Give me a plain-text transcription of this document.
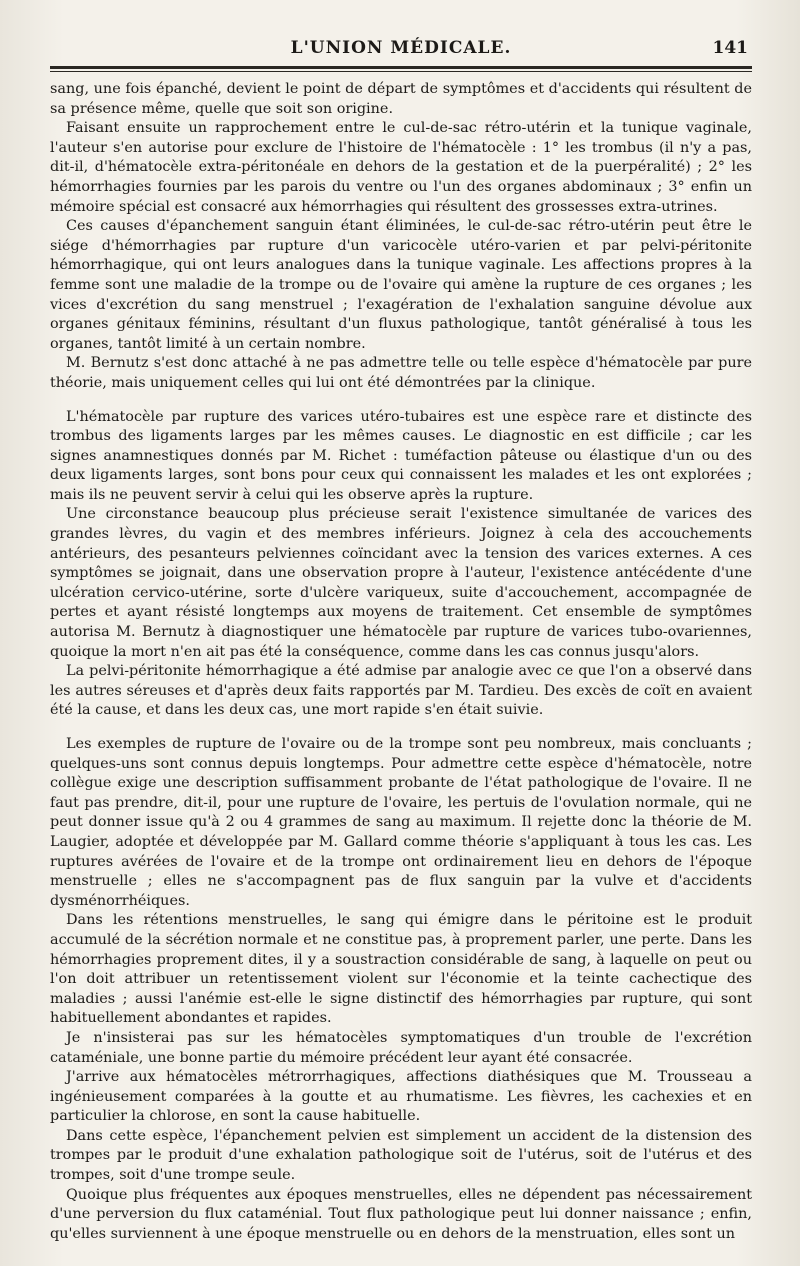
L'UNION MÉDICALE.	141

sang, une fois épanché, devient le point de départ de symptômes et d'accidents qui résultent de sa présence même, quelle que soit son origine.

Faisant ensuite un rapprochement entre le cul-de-sac rétro-utérin et la tunique vaginale, l'auteur s'en autorise pour exclure de l'histoire de l'hématocèle : 1° les trombus (il n'y a pas, dit-il, d'hématocèle extra-péritonéale en dehors de la gestation et de la puerpéralité) ; 2° les hémorrhagies fournies par les parois du ventre ou l'un des organes abdominaux ; 3° enfin un mémoire spécial est consacré aux hémorrhagies qui résultent des grossesses extra-utrines.

Ces causes d'épanchement sanguin étant éliminées, le cul-de-sac rétro-utérin peut être le siége d'hémorrhagies par rupture d'un varicocèle utéro-varien et par pelvi-péritonite hémorrhagique, qui ont leurs analogues dans la tunique vaginale. Les affections propres à la femme sont une maladie de la trompe ou de l'ovaire qui amène la rupture de ces organes ; les vices d'excrétion du sang menstruel ; l'exagération de l'exhalation sanguine dévolue aux organes génitaux féminins, résultant d'un fluxus pathologique, tantôt généralisé à tous les organes, tantôt limité à un certain nombre.

M. Bernutz s'est donc attaché à ne pas admettre telle ou telle espèce d'hématocèle par pure théorie, mais uniquement celles qui lui ont été démontrées par la clinique.

L'hématocèle par rupture des varices utéro-tubaires est une espèce rare et distincte des trombus des ligaments larges par les mêmes causes. Le diagnostic en est difficile ; car les signes anamnestiques donnés par M. Richet : tuméfaction pâteuse ou élastique d'un ou des deux ligaments larges, sont bons pour ceux qui connaissent les malades et les ont explorées ; mais ils ne peuvent servir à celui qui les observe après la rupture.

Une circonstance beaucoup plus précieuse serait l'existence simultanée de varices des grandes lèvres, du vagin et des membres inférieurs. Joignez à cela des accouchements antérieurs, des pesanteurs pelviennes coïncidant avec la tension des varices externes. A ces symptômes se joignait, dans une observation propre à l'auteur, l'existence antécédente d'une ulcération cervico-utérine, sorte d'ulcère variqueux, suite d'accouchement, accompagnée de pertes et ayant résisté longtemps aux moyens de traitement. Cet ensemble de symptômes autorisa M. Bernutz à diagnostiquer une hématocèle par rupture de varices tubo-ovariennes, quoique la mort n'en ait pas été la conséquence, comme dans les cas connus jusqu'alors.

La pelvi-péritonite hémorrhagique a été admise par analogie avec ce que l'on a observé dans les autres séreuses et d'après deux faits rapportés par M. Tardieu. Des excès de coït en avaient été la cause, et dans les deux cas, une mort rapide s'en était suivie.

Les exemples de rupture de l'ovaire ou de la trompe sont peu nombreux, mais concluants ; quelques-uns sont connus depuis longtemps. Pour admettre cette espèce d'hématocèle, notre collègue exige une description suffisamment probante de l'état pathologique de l'ovaire. Il ne faut pas prendre, dit-il, pour une rupture de l'ovaire, les pertuis de l'ovulation normale, qui ne peut donner issue qu'à 2 ou 4 grammes de sang au maximum. Il rejette donc la théorie de M. Laugier, adoptée et développée par M. Gallard comme théorie s'appliquant à tous les cas. Les ruptures avérées de l'ovaire et de la trompe ont ordinairement lieu en dehors de l'époque menstruelle ; elles ne s'accompagnent pas de flux sanguin par la vulve et d'accidents dysménorrhéiques.

Dans les rétentions menstruelles, le sang qui émigre dans le péritoine est le produit accumulé de la sécrétion normale et ne constitue pas, à proprement parler, une perte. Dans les hémorrhagies proprement dites, il y a soustraction considérable de sang, à laquelle on peut ou l'on doit attribuer un retentissement violent sur l'économie et la teinte cachectique des maladies ; aussi l'anémie est-elle le signe distinctif des hémorrhagies par rupture, qui sont habituellement abondantes et rapides.

Je n'insisterai pas sur les hématocèles symptomatiques d'un trouble de l'excrétion cataméniale, une bonne partie du mémoire précédent leur ayant été consacrée.

J'arrive aux hématocèles métrorrhagiques, affections diathésiques que M. Trousseau a ingénieusement comparées à la goutte et au rhumatisme. Les fièvres, les cachexies et en particulier la chlorose, en sont la cause habituelle.

Dans cette espèce, l'épanchement pelvien est simplement un accident de la distension des trompes par le produit d'une exhalation pathologique soit de l'utérus, soit de l'utérus et des trompes, soit d'une trompe seule.

Quoique plus fréquentes aux époques menstruelles, elles ne dépendent pas nécessairement d'une perversion du flux cataménial. Tout flux pathologique peut lui donner naissance ; enfin, qu'elles surviennent à une époque menstruelle ou en dehors de la menstruation, elles sont un
